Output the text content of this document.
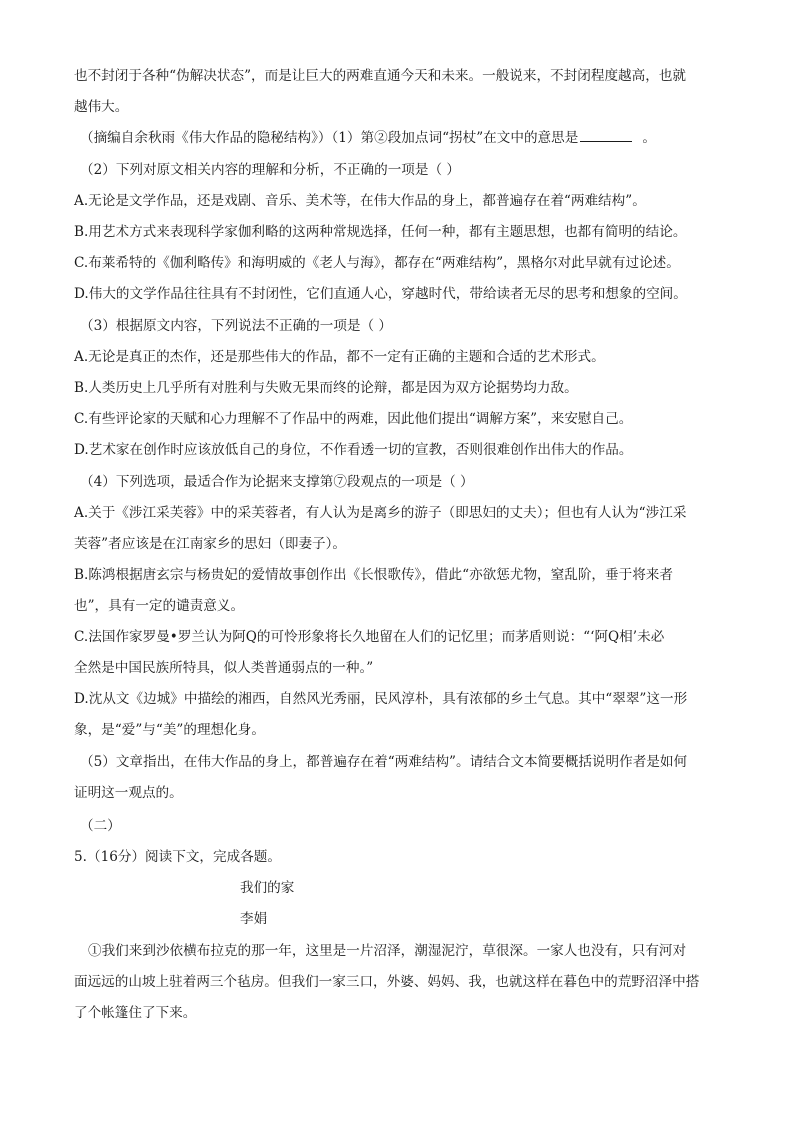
也不封闭于各种“伪解决状态”，而是让巨大的两难直通今天和未来。一般说来，不封闭程度越高，也就
越伟大。
（摘编自余秋雨《伟大作品的隐秘结构》）（1）第②段加点词“拐杖”在文中的意思是	。
（2）下列对原文相关内容的理解和分析，不正确的一项是（ ）
A.无论是文学作品，还是戏剧、音乐、美术等，在伟大作品的身上，都普遍存在着“两难结构”。
B.用艺术方式来表现科学家伽利略的这两种常规选择，任何一种，都有主题思想，也都有简明的结论。
C.布莱希特的《伽利略传》和海明威的《老人与海》，都存在“两难结构”，黑格尔对此早就有过论述。
D.伟大的文学作品往往具有不封闭性，它们直通人心，穿越时代，带给读者无尽的思考和想象的空间。
（3）根据原文内容，下列说法不正确的一项是（ ）
A.无论是真正的杰作，还是那些伟大的作品，都不一定有正确的主题和合适的艺术形式。
B.人类历史上几乎所有对胜利与失败无果而终的论辩，都是因为双方论据势均力敌。
C.有些评论家的天赋和心力理解不了作品中的两难，因此他们提出“调解方案”，来安慰自己。
D.艺术家在创作时应该放低自己的身位，不作看透一切的宣教，否则很难创作出伟大的作品。
（4）下列选项，最适合作为论据来支撑第⑦段观点的一项是（ ）
A.关于《涉江采芙蓉》中的采芙蓉者，有人认为是离乡的游子（即思妇的丈夫）；但也有人认为“涉江采
芙蓉”者应该是在江南家乡的思妇（即妻子）。
B.陈鸿根据唐玄宗与杨贵妃的爱情故事创作出《长恨歌传》，借此“亦欲惩尤物，窒乱阶，垂于将来者
也”，具有一定的谴责意义。
C.法国作家罗曼•罗兰认为阿Q的可怜形象将长久地留在人们的记忆里；而茅盾则说：“‘阿Q相’未必
全然是中国民族所特具，似人类普通弱点的一种。”
D.沈从文《边城》中描绘的湘西，自然风光秀丽，民风淳朴，具有浓郁的乡土气息。其中“翠翠”这一形
象，是“爱”与“美”的理想化身。
（5）文章指出，在伟大作品的身上，都普遍存在着“两难结构”。请结合文本简要概括说明作者是如何
证明这一观点的。
（二）
5.（16分）阅读下文，完成各题。
我们的家
李娟
①我们来到沙依横布拉克的那一年，这里是一片沼泽，潮湿泥泞，草很深。一家人也没有，只有河对
面远远的山坡上驻着两三个毡房。但我们一家三口，外婆、妈妈、我，也就这样在暮色中的荒野沼泽中搭
了个帐篷住了下来。
